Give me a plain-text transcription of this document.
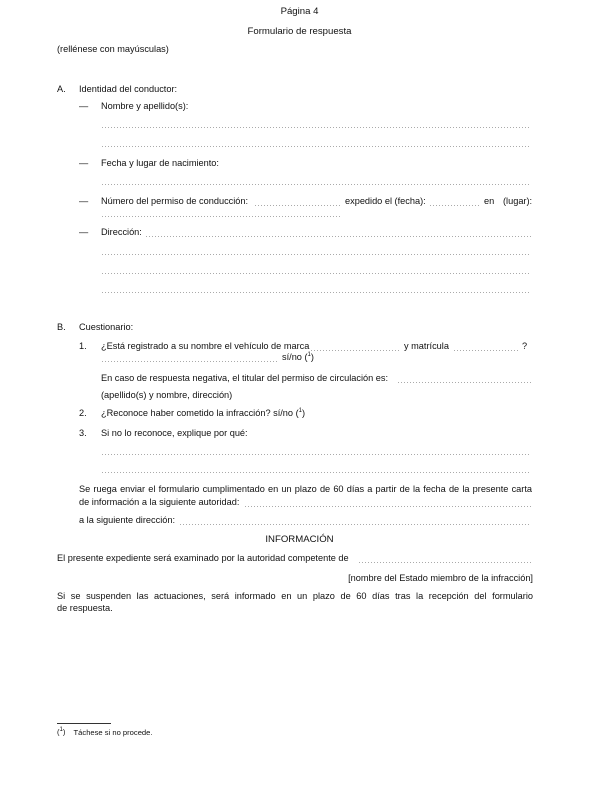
Página 4
Formulario de respuesta
(rellénese con mayúsculas)
A. Identidad del conductor:
— Nombre y apellido(s):
— Fecha y lugar de nacimiento:
— Número del permiso de conducción:	expedido el (fecha):	en (lugar):
— Dirección:
B. Cuestionario:
1. ¿Está registrado a su nombre el vehículo de marca	y matrícula	?
sí/no ($^1$)
En caso de respuesta negativa, el titular del permiso de circulación es:
(apellido(s) y nombre, dirección)
2. ¿Reconoce haber cometido la infracción? sí/no ($^1$)
3. Si no lo reconoce, explique por qué:
Se ruega enviar el formulario cumplimentado en un plazo de 60 días a partir de la fecha de la presente carta
de información a la siguiente autoridad:
a la siguiente dirección:
INFORMACIÓN
El presente expediente será examinado por la autoridad competente de
[nombre del Estado miembro de la infracción]
Si se suspenden las actuaciones, será informado en un plazo de 60 días tras la recepción del formulario
de respuesta.
($^1$) Táchese si no procede.
